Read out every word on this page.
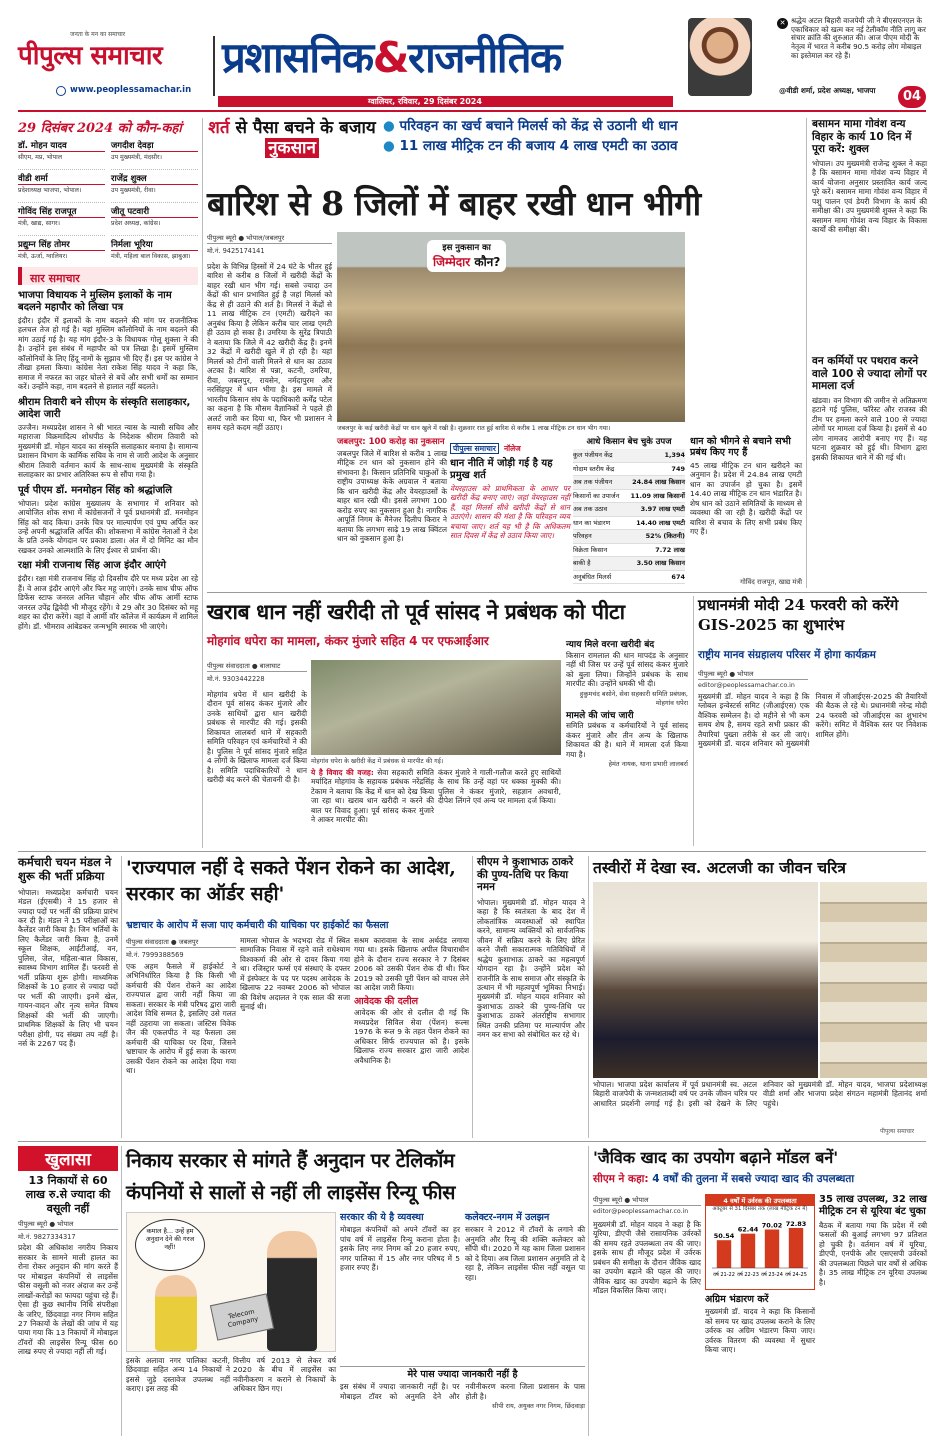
जनता के मन का समाचार
पीपुल्स समाचार
www.peoplessamachar.in
प्रशासनिक&राजनीतिक
ग्वालियर, रविवार, 29 दिसंबर 2024
✕ श्रद्धेय अटल बिहारी वाजपेयी जी ने बीएसएनएल के एकाधिकार को खत्म कर नई टेलीकॉम नीति लागू कर संचार क्रांति की शुरुआत की। आज पीएम मोदी के नेतृत्व में भारत ने करीब 90.5 करोड़ लोग मोबाइल का इस्तेमाल कर रहे हैं।
@वीडी शर्मा, प्रदेश अध्यक्ष, भाजपा	04
29 दिसंबर 2024 को कौन-कहां
डॉ. मोहन यादव
सीएम, मप्र, भोपाल
जगदीश देवड़ा
उप मुख्यमंत्री, मंदसौर।
वीडी शर्मा
प्रदेशाध्यक्ष भाजपा, भोपाल।
राजेंद्र शुक्ल
उप मुख्यमंत्री, रीवा।
गोविंद सिंह राजपूत
मंत्री, खाद्य, सागर।
जीतू पटवारी
प्रदेश अध्यक्ष, कांग्रेस।
प्रद्युम्न सिंह तोमर
मंत्री, ऊर्जा, ग्वालियर।
निर्मला भूरिया
मंत्री, महिला बाल विकास, झाबुआ।
सार समाचार
भाजपा विधायक ने मुस्लिम इलाकों के नाम बदलने महापौर को लिखा पत्र
इंदौर। इंदौर में इलाकों के नाम बदलने की मांग पर राजनीतिक हलचल तेज हो गई है। यहां मुस्लिम कॉलोनियों के नाम बदलने की मांग उठाई गई है। यह मांग इंदौर-3 के विधायक गोलू शुक्ला ने की है। उन्होंने इस संबंध में महापौर को पत्र लिखा है। इसमें मुस्लिम कॉलोनियों के लिए हिंदू नामों के सुझाव भी दिए हैं। इस पर कांग्रेस ने तीखा हमला किया। कांग्रेस नेता राकेश सिंह यादव ने कहा कि, समाज में नफरत का जहर घोलने से बचें और सभी धर्मों का सम्मान करें। उन्होंने कहा, नाम बदलने से हालात नहीं बदलते।
श्रीराम तिवारी बने सीएम के संस्कृति सलाहकार, आदेश जारी
उज्जैन। मध्यप्रदेश शासन ने श्री भारत न्यास के न्यासी सचिव और महाराजा विक्रमादित्य शोधपीठ के निदेशक श्रीराम तिवारी को मुख्यमंत्री डॉ. मोहन यादव का संस्कृति सलाहकार बनाया है। सामान्य प्रशासन विभाग के कार्मिक सचिव के नाम से जारी आदेश के अनुसार श्रीराम तिवारी वर्तमान कार्य के साथ-साथ मुख्यमंत्री के संस्कृति सलाहकार का प्रभार अतिरिक्त रूप से सौंपा गया है।
पूर्व पीएम डॉ. मनमोहन सिंह को श्रद्धांजलि
भोपाल। प्रदेश कांग्रेस मुख्यालय के सभागार में शनिवार को आयोजित शोक सभा में कांग्रेसजनों ने पूर्व प्रधानमंत्री डॉ. मनमोहन सिंह को याद किया। उनके चित्र पर माल्यार्पण एवं पुष्प अर्पित कर उन्हें अपनी श्रद्धांजलि अर्पित की। शोकसभा में कांग्रेस नेताओं ने देश के प्रति उनके योगदान पर प्रकाश डाला। अंत में दो मिनिट का मौन रखकर उनको आत्मशांति के लिए ईश्वर से प्रार्थना की।
रक्षा मंत्री राजनाथ सिंह आज इंदौर आएंगे
इंदौर। रक्षा मंत्री राजनाथ सिंह दो दिवसीय दौरे पर मध्य प्रदेश आ रहे हैं। वे आज इंदौर आएंगे और फिर महू जाएंगे। उनके साथ चीफ ऑफ डिफेंस स्टाफ जनरल अनिल चौहान और चीफ ऑफ आर्मी स्टाफ जनरल उपेंद्र द्विवेदी भी मौजूद रहेंगे। वे 29 और 30 दिसंबर को महू शहर का दौरा करेंगे। वहां वे आर्मी वॉर कॉलेज में कार्यक्रम में शामिल होंगे। डॉ. भीमराव आंबेडकर जन्मभूमि स्मारक भी जाएंगे।
शर्त से पैसा बचने के बजाय नुकसान
● परिवहन का खर्च बचाने मिलर्स को केंद्र से उठानी थी धान
● 11 लाख मीट्रिक टन की बजाय 4 लाख एमटी का उठाव
बारिश से 8 जिलों में बाहर रखी धान भीगी
पीपुल्स ब्यूरो ● भोपाल/जबलपुर
मो.नं. 9425174141
प्रदेश के विभिन्न हिस्सों में 24 घंटे के भीतर हुई बारिश से करीब 8 जिलों में खरीदी केंद्रों के बाहर रखी धान भीग गई। सबसे ज्यादा उन केंद्रों की धान प्रभावित हुई है जहां मिलर्स को केंद्र से ही उठाने की शर्त है। मिलर्स ने केंद्रों से 11 लाख मीट्रिक टन (एमटी) खरीदने का अनुबंध किया है लेकिन करीब चार लाख एमटी ही उठाव हो सका है। उमरिया के सुरेंद्र त्रिपाठी ने बताया कि जिले में 42 खरीदी केंद्र हैं। इनमें 32 केंद्रों में खरीदी खुले में हो रही है। यहां मिलर्स को टीनों वाली मिलने से धान का उठाव अटका है। बारिश से पन्ना, कटनी, उमरिया, रीवा, जबलपुर, रायसेन, नर्मदापुरम और नरसिंहपुर में धान भीगा है। इस मामले में भारतीय किसान संघ के पदाधिकारी कर्मेंद्र पटेल का कहना है कि मौसम वैज्ञानिकों ने पहले ही अलर्ट जारी कर दिया था, फिर भी प्रशासन ने समय रहते कदम नहीं उठाए।
इस नुकसान का
जिम्मेदार कौन?
जबलपुर के कई खरीदी केंद्रों पर धान खुले में रखी है। शुक्रवार रात हुई बारिश से करीब 1 लाख मीट्रिक टन धान भीग गया।
जबलपुर: 100 करोड़ का नुकसान
जबलपुर जिले में बारिश से करीब 1 लाख मीट्रिक टन धान को नुकसान होने की संभावना है। किसान प्रतिनिधि चाकुओं के राष्ट्रीय उपाध्यक्ष केके अग्रवाल ने बताया कि धान खरीदी केंद्र और वेयरहाउसों के बाहर धान रखी थी। इससे लगभग 100 करोड़ रुपए का नुकसान हुआ है। नागरिक आपूर्ति निगम के मैनेजर दिलीप किरार ने बताया कि लगभग साढ़े 19 लाख क्विंटल धान को नुकसान हुआ है।
पीपुल्स समाचार नॉलेज
धान नीति में जोड़ी गई है यह प्रमुख शर्त
वेयरहाउस को प्राथमिकता के आधार पर खरीदी केंद्र बनाए जाएं। जहां वेयरहाउस नहीं हैं, वहां मिलर्स सीधे खरीदी केंद्रों से धान उठाएंगे। शासन की मंशा है कि परिवहन व्यय बचाया जाए। शर्त यह भी है कि अधिकतम सात दिवस में केंद्र से उठाव किया जाए।
आधे किसान बेच चुके उपज
कुल पंजीयन केंद्र	1,394
गोदाम स्तरीय केंद्र	749
अब तक पंजीयन	24.84 लाख किसान
किसानों का उपार्जन 11.09 लाख किसानों
अब तक उठाव	3.97 लाख एमटी
धान का भंडारण	14.40 लाख एमटी
परिवहन	52% (कितनी)
विक्रेता किसान	7.72 लाख
बाकी है	3.50 लाख किसान
अनुबंधित मिलर्स	674
धान को भीगने से बचाने सभी प्रबंध किए गए हैं
45 लाख मीट्रिक टन धान खरीदने का अनुमान है। प्रदेश में 24.84 लाख एमटी धान का उपार्जन हो चुका है। इसमें 14.40 लाख मीट्रिक टन धान भंडारित है। शेष धान को उठाने समितियों के माध्यम से व्यवस्था की जा रही है। खरीदी केंद्रों पर बारिश से बचाव के लिए सभी प्रबंध किए गए हैं।
गोविंद राजपूत, खाद्य मंत्री
बसामन मामा गोवंश वन्य विहार के कार्य 10 दिन में पूरा करें: शुक्ल
भोपाल। उप मुख्यमंत्री राजेन्द्र शुक्ल ने कहा है कि बसामन मामा गोवंश वन्य विहार में कार्य योजना अनुसार प्रस्तावित कार्य जल्द पूरे करें। बसामन मामा गोवंश वन्य विहार में पशु पालन एवं डेयरी विभाग के कार्य की समीक्षा की। उप मुख्यमंत्री शुक्ल ने कहा कि बसामन मामा गोवंश वन्य विहार के विकास कार्यों की समीक्षा की।
वन कर्मियों पर पथराव करने वाले 100 से ज्यादा लोगों पर मामला दर्ज
खंडवा। वन विभाग की जमीन से अतिक्रमण हटाने गई पुलिस, फॉरेस्ट और राजस्व की टीम पर हमला करने वाले 100 से ज्यादा लोगों पर मामला दर्ज किया है। इसमें से 40 लोग नामजद आरोपी बनाए गए हैं। यह घटना शुक्रवार को हुई थी। विभाग द्वारा इसकी शिकायत थाने में की गई थी।
खराब धान नहीं खरीदी तो पूर्व सांसद ने प्रबंधक को पीटा
मोहगांव धपेरा का मामला, कंकर मुंजारे सहित 4 पर एफआईआर
पीपुल्स संवाददाता ● बालाघाट
मो.नं. 9303442228
मोहगांव धपेरा में धान खरीदी के दौरान पूर्व सांसद कंकर मुंजारे और उनके साथियों द्वारा धान खरीदी प्रबंधक से मारपीट की गई। इसकी शिकायत लालबर्रा थाने में सहकारी समिति परिवहन एवं कर्मचारियों ने की है। पुलिस ने पूर्व सांसद मुंजारे सहित 4 लोगों के खिलाफ मामला दर्ज किया है। समिति पदाधिकारियों ने धान खरीदी बंद करने की चेतावनी दी है।
मोहगांव धपेरा के खरीदी केंद्र में प्रबंधक से मारपीट की गई।
ये है विवाद की वजह: सेवा सहकारी समिति मर्यादित मोहगांव के सहायक प्रबंधक नरेंद्रसिंह टेकाम ने बताया कि केंद्र में धान को देख किया जा रहा था। खराब धान खरीदी न करने की बात पर विवाद हुआ। पूर्व सांसद कंकर मुंजारे ने आकर मारपीट की।
कंकर मुंजारे ने गाली-गलौज करते हुए साथियों के साथ कि उन्हें वहां पर धक्का मुक्की की। पुलिस ने कंकर मुंजारे, सहज्ञान अवधारी, दीपेश लिंगने एवं अन्य पर मामला दर्ज किया।
न्याय मिले वरना खरीदी बंद
किसान रामलाल की धान मापदंड के अनुसार नहीं थी जिस पर उन्हें पूर्व सांसद कंकर मुंजारे को बुला लिया। जिन्होंने प्रबंधक के साथ मारपीट की। उन्होंने धमकी भी दी।
हुकुमचंद बसोने, सेवा सहकारी समिति प्रबंधक, मोहगांव धपेरा
मामले की जांच जारी
समिति प्रबंधक व कर्मचारियों ने पूर्व सांसद कंकर मुंजारे और तीन अन्य के खिलाफ शिकायत की है। थाने में मामला दर्ज किया गया है।
हेमंत नायक, थाना प्रभारी लालबर्रा
प्रधानमंत्री मोदी 24 फरवरी को करेंगे GIS-2025 का शुभारंभ
राष्ट्रीय मानव संग्रहालय परिसर में होगा कार्यक्रम
पीपुल्स ब्यूरो ● भोपाल
editor@peoplessamachar.co.in
मुख्यमंत्री डॉ. मोहन यादव ने कहा है कि ग्लोबल इन्वेस्टर्स समिट (जीआईएस) एक वैश्विक सम्मेलन है। दो महीने से भी कम समय शेष है, समय रहते सभी प्रकार की तैयारियां पुख्ता तरीके से कर ली जाएं। मुख्यमंत्री डॉ. यादव शनिवार को मुख्यमंत्री निवास में जीआईएस-2025 की तैयारियों की बैठक ले रहे थे। प्रधानमंत्री नरेन्द्र मोदी 24 फरवरी को जीआईएस का शुभारंभ करेंगे। समिट में वैश्विक स्तर पर निवेशक शामिल होंगे।
कर्मचारी चयन मंडल ने शुरू की भर्ती प्रक्रिया
भोपाल। मध्यप्रदेश कर्मचारी चयन मंडल (ईएसबी) ने 15 हजार से ज्यादा पदों पर भर्ती की प्रक्रिया प्रारंभ कर दी है। मंडल ने 15 परीक्षाओं का कैलेंडर जारी किया है। जिन भर्तियों के लिए कैलेंडर जारी किया है, उनमें स्कूल शिक्षक, आईटीआई, वन, पुलिस, जेल, महिला-बाल विकास, स्वास्थ्य विभाग शामिल हैं। फरवरी से भर्ती प्रक्रिया शुरू होगी। माध्यमिक शिक्षकों के 10 हजार से ज्यादा पदों पर भर्ती की जाएगी। इनमें खेल, गायन-वादन और नृत्य समेत विषय शिक्षकों की भर्ती की जाएगी। प्राथमिक शिक्षकों के लिए भी चयन परीक्षा होगी, पद संख्या तय नहीं है। नर्स के 2267 पद हैं।
'राज्यपाल नहीं दे सकते पेंशन रोकने का आदेश, सरकार का ऑर्डर सही'
भ्रष्टाचार के आरोप में सजा पाए कर्मचारी की याचिका पर हाईकोर्ट का फैसला
पीपुल्स संवाददाता ● जबलपुर
मो.नं. 7999388569
एक अहम फैसले में हाईकोर्ट ने अभिनिर्धारित किया है कि किसी भी कर्मचारी की पेंशन रोकने का आदेश राज्यपाल द्वारा जारी नहीं किया जा सकता। सरकार के मंत्री परिषद द्वारा जारी आदेश विधि सम्मत है, इसलिए उसे गलत नहीं ठहराया जा सकता। जस्टिस विवेक जैन की एकलपीठ ने यह फैसला उस कर्मचारी की याचिका पर दिया, जिसने भ्रष्टाचार के आरोप में हुई सजा के कारण उसकी पेंशन रोकने का आदेश दिया गया था।
मामला भोपाल के भदभदा रोड में स्थित सामाजिक निवास में रहने वाले राधेश्याम विश्वकर्मा की ओर से दायर किया गया था। रजिस्ट्रार फर्म्स एवं संस्थाएं के दफ्तर में इंस्पेक्टर के पद पर पदस्थ आवेदक के खिलाफ 22 नवम्बर 2006 को भोपाल की विशेष अदालत ने एक साल की सजा सुनाई थी।
सश्रम कारावास के साथ अर्थदंड लगाया गया था। इसके खिलाफ अपील विचाराधीन होने के दौरान राज्य सरकार ने 7 दिसंबर 2006 को उसकी पेंशन रोक दी थी। फिर 2019 को उसकी पूरी पेंशन को वापस लेने का आदेश जारी किया।
आवेदक की दलील
आवेदक की ओर से दलील दी गई कि मध्यप्रदेश सिविल सेवा (पेंशन) रूल्स 1976 के रूल 9 के तहत पेंशन रोकने का अधिकार सिर्फ राज्यपाल को है। इसके खिलाफ राज्य सरकार द्वारा जारी आदेश अवैधानिक है।
सीएम ने कुशाभाऊ ठाकरे की पुण्य-तिथि पर किया नमन
भोपाल। मुख्यमंत्री डॉ. मोहन यादव ने कहा है कि स्वतंत्रता के बाद देश में लोकतांत्रिक व्यवस्थाओं को स्थापित करने, सामान्य व्यक्तियों को सार्वजनिक जीवन में सक्रिय करने के लिए प्रेरित करने जैसी सकारात्मक गतिविधियों में श्रद्धेय कुशाभाऊ ठाकरे का महत्वपूर्ण योगदान रहा है। उन्होंने प्रदेश को राजनीति के साथ समाज और संस्कृति के उत्थान में भी महत्वपूर्ण भूमिका निभाई। मुख्यमंत्री डॉ. मोहन यादव शनिवार को कुशाभाऊ ठाकरे की पुण्य-तिथि पर कुशाभाऊ ठाकरे अंतर्राष्ट्रीय सभागार स्थित उनकी प्रतिमा पर माल्यार्पण और नमन कर सभा को संबोधित कर रहे थे।
तस्वीरों में देखा स्व. अटलजी का जीवन चरित्र
भोपाल। भाजपा प्रदेश कार्यालय में पूर्व प्रधानमंत्री स्व. अटल बिहारी वाजपेयी के जन्मशताब्दी वर्ष पर उनके जीवन चरित्र पर आधारित प्रदर्शनी लगाई गई है। इसी को देखने के लिए शनिवार को मुख्यमंत्री डॉ. मोहन यादव, भाजपा प्रदेशाध्यक्ष वीडी शर्मा और भाजपा प्रदेश संगठन महामंत्री हितानंद शर्मा पहुंचे।
पीपुल्स समाचार
खुलासा
13 निकायों से 60 लाख रु.से ज्यादा की वसूली नहीं
पीपुल्स ब्यूरो ● भोपाल
मो.नं. 9827334317
प्रदेश की अधिकांश नगरीय निकाय सरकार के सामने माली हालत का रोना रोकर अनुदान की मांग करते हैं पर मोबाइल कंपनियों से लाइसेंस फीस वसूली को नजर अंदाज कर उन्हें लाखों-करोड़ों का फायदा पहुंचा रहे हैं। ऐसा ही कुछ स्थानीय निधि संपरीक्षा के जरिए, छिंदवाड़ा नगर निगम सहित 27 निकायों के लेखों की जांच में यह पाया गया कि 13 निकायों में मोबाइल टॉवरों की लाइसेंस रिन्यू फीस 60 लाख रुपए से ज्यादा नहीं ली गई।
निकाय सरकार से मांगते हैं अनुदान पर टेलिकॉम
कंपनियों से सालों से नहीं ली लाइसेंस रिन्यू फीस
कमाल है... उन्हें हम अनुदान देने की गरज नहीं!
Telecom Company
इसके अलावा नगर पालिका कटनी, छिंदवाड़ा सहित अन्य 14 निकायों ने इससे जुड़े दस्तावेज उपलब्ध नहीं कराए। इस तरह की
वित्तीय वर्ष 2013 से लेकर वर्ष 2020 के बीच में लाइसेंस का नवीनीकरण न कराने से निकायों के अधिकार छिन गए।
सरकार की ये है व्यवस्था
मोबाइल कंपनियों को अपने टॉवरों का हर पांच वर्ष में लाइसेंस रिन्यू कराना होता है। इसके लिए नगर निगम को 20 हजार रुपए, नगर पालिका में 15 और नगर परिषद में 5 हजार रुपए हैं।
कलेक्टर-नगम में उलझन
सरकार ने 2012 में टॉवरों के लगाने की अनुमति और रिन्यू की शक्ति कलेक्टर को सौंपी थी। 2020 में यह काम जिला प्रशासन को दे दिया। अब जिला प्रशासन अनुमति तो दे रहा है, लेकिन लाइसेंस फीस नहीं वसूल पा रहा।
मेरे पास ज्यादा जानकारी नहीं है
इस संबंध में ज्यादा जानकारी नहीं है। पर मोबाइल टॉवर को अनुमति देने और नवीनीकरण करना जिला प्रशासन के पास होती है।
सीपी राय, अयुक्त नगर निगम, छिंदवाड़ा
'जैविक खाद का उपयोग बढ़ाने मॉडल बनें'
सीएम ने कहा: 4 वर्षों की तुलना में सबसे ज्यादा खाद की उपलब्धता
पीपुल्स ब्यूरो ● भोपाल
editor@peoplessamachar.co.in
मुख्यमंत्री डॉ. मोहन यादव ने कहा है कि यूरिया, डीएपी जैसे रासायनिक उर्वरकों की समय रहते उपलब्धता तय की जाए। इसके साथ ही मौजूद प्रदेश में उर्वरक प्रबंधन की समीक्षा के दौरान जैविक खाद का उपयोग बढ़ाने की पहल की जाए। जैविक खाद का उपयोग बढ़ाने के लिए मॉडल विकसित किया जाए।
4 वर्षों में उर्वरक की उपलब्धता
अक्टूबर से 31 दिसंबर तक (लाख मीट्रिक टन में)
50.54
वर्ष 21-22
62.44
वर्ष 22-23
70.02
वर्ष 23-24
72.83
वर्ष 24-25
अग्रिम भंडारण करें
मुख्यमंत्री डॉ. यादव ने कहा कि किसानों को समय पर खाद उपलब्ध कराने के लिए उर्वरक का अग्रिम भंडारण किया जाए। उर्वरक वितरण की व्यवस्था में सुधार किया जाए।
35 लाख उपलब्ध, 32 लाख मीट्रिक टन से यूरिया बंट चुका
बैठक में बताया गया कि प्रदेश में रबी फसलों की बुआई लगभग 97 प्रतिशत हो चुकी है। वर्तमान वर्ष में यूरिया, डीएपी, एनपीके और एसएसपी उर्वरकों की उपलब्धता पिछले चार वर्षों से अधिक है। 35 लाख मीट्रिक टन यूरिया उपलब्ध है।
